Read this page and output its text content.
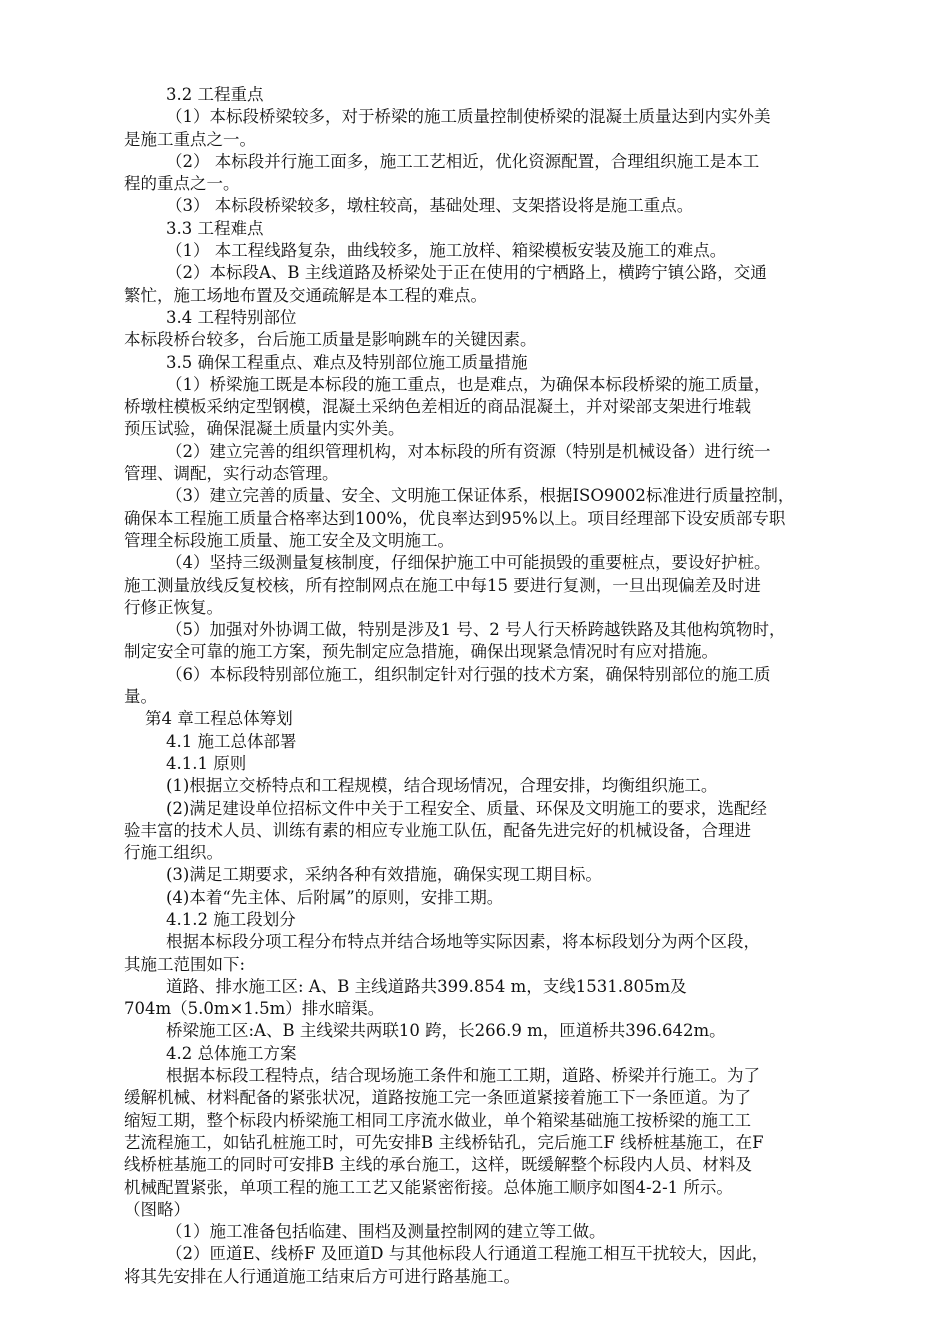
3.2 工程重点
（1）本标段桥梁较多，对于桥梁的施工质量控制使桥梁的混凝土质量达到内实外美
是施工重点之一。
（2） 本标段并行施工面多，施工工艺相近，优化资源配置，合理组织施工是本工
程的重点之一。
（3） 本标段桥梁较多，墩柱较高，基础处理、支架搭设将是施工重点。
3.3 工程难点
（1） 本工程线路复杂，曲线较多，施工放样、箱梁模板安装及施工的难点。
（2）本标段A、B 主线道路及桥梁处于正在使用的宁栖路上，横跨宁镇公路，交通
繁忙，施工场地布置及交通疏解是本工程的难点。
3.4 工程特别部位
本标段桥台较多，台后施工质量是影响跳车的关键因素。
3.5 确保工程重点、难点及特别部位施工质量措施
（1）桥梁施工既是本标段的施工重点，也是难点，为确保本标段桥梁的施工质量，
桥墩柱模板采纳定型钢模，混凝土采纳色差相近的商品混凝土，并对梁部支架进行堆载
预压试验，确保混凝土质量内实外美。
（2）建立完善的组织管理机构，对本标段的所有资源（特别是机械设备）进行统一
管理、调配，实行动态管理。
（3）建立完善的质量、安全、文明施工保证体系，根据ISO9002标准进行质量控制，
确保本工程施工质量合格率达到100%，优良率达到95%以上。项目经理部下设安质部专职
管理全标段施工质量、施工安全及文明施工。
（4）坚持三级测量复核制度，仔细保护施工中可能损毁的重要桩点，要设好护桩。
施工测量放线反复校核，所有控制网点在施工中每15 要进行复测，一旦出现偏差及时进
行修正恢复。
（5）加强对外协调工做，特别是涉及1 号、2 号人行天桥跨越铁路及其他构筑物时，
制定安全可靠的施工方案，预先制定应急措施，确保出现紧急情况时有应对措施。
（6）本标段特别部位施工，组织制定针对行强的技术方案，确保特别部位的施工质
量。
第4 章工程总体筹划
4.1 施工总体部署
4.1.1 原则
(1)根据立交桥特点和工程规模，结合现场情况，合理安排，均衡组织施工。
(2)满足建设单位招标文件中关于工程安全、质量、环保及文明施工的要求，选配经
验丰富的技术人员、训练有素的相应专业施工队伍，配备先进完好的机械设备，合理进
行施工组织。
(3)满足工期要求，采纳各种有效措施，确保实现工期目标。
(4)本着“先主体、后附属”的原则，安排工期。
4.1.2 施工段划分
根据本标段分项工程分布特点并结合场地等实际因素，将本标段划分为两个区段，
其施工范围如下:
道路、排水施工区: A、B 主线道路共399.854 m，支线1531.805m及
704m（5.0m×1.5m）排水暗渠。
桥梁施工区:A、B 主线梁共两联10 跨，长266.9 m，匝道桥共396.642m。
4.2 总体施工方案
根据本标段工程特点，结合现场施工条件和施工工期，道路、桥梁并行施工。为了
缓解机械、材料配备的紧张状况，道路按施工完一条匝道紧接着施工下一条匝道。为了
缩短工期，整个标段内桥梁施工相同工序流水做业，单个箱梁基础施工按桥梁的施工工
艺流程施工，如钻孔桩施工时，可先安排B 主线桥钻孔，完后施工F 线桥桩基施工，在F
线桥桩基施工的同时可安排B 主线的承台施工，这样，既缓解整个标段内人员、材料及
机械配置紧张，单项工程的施工工艺又能紧密衔接。总体施工顺序如图4-2-1 所示。
（图略）
（1）施工准备包括临建、围档及测量控制网的建立等工做。
（2）匝道E、线桥F 及匝道D 与其他标段人行通道工程施工相互干扰较大，因此，
将其先安排在人行通道施工结束后方可进行路基施工。
